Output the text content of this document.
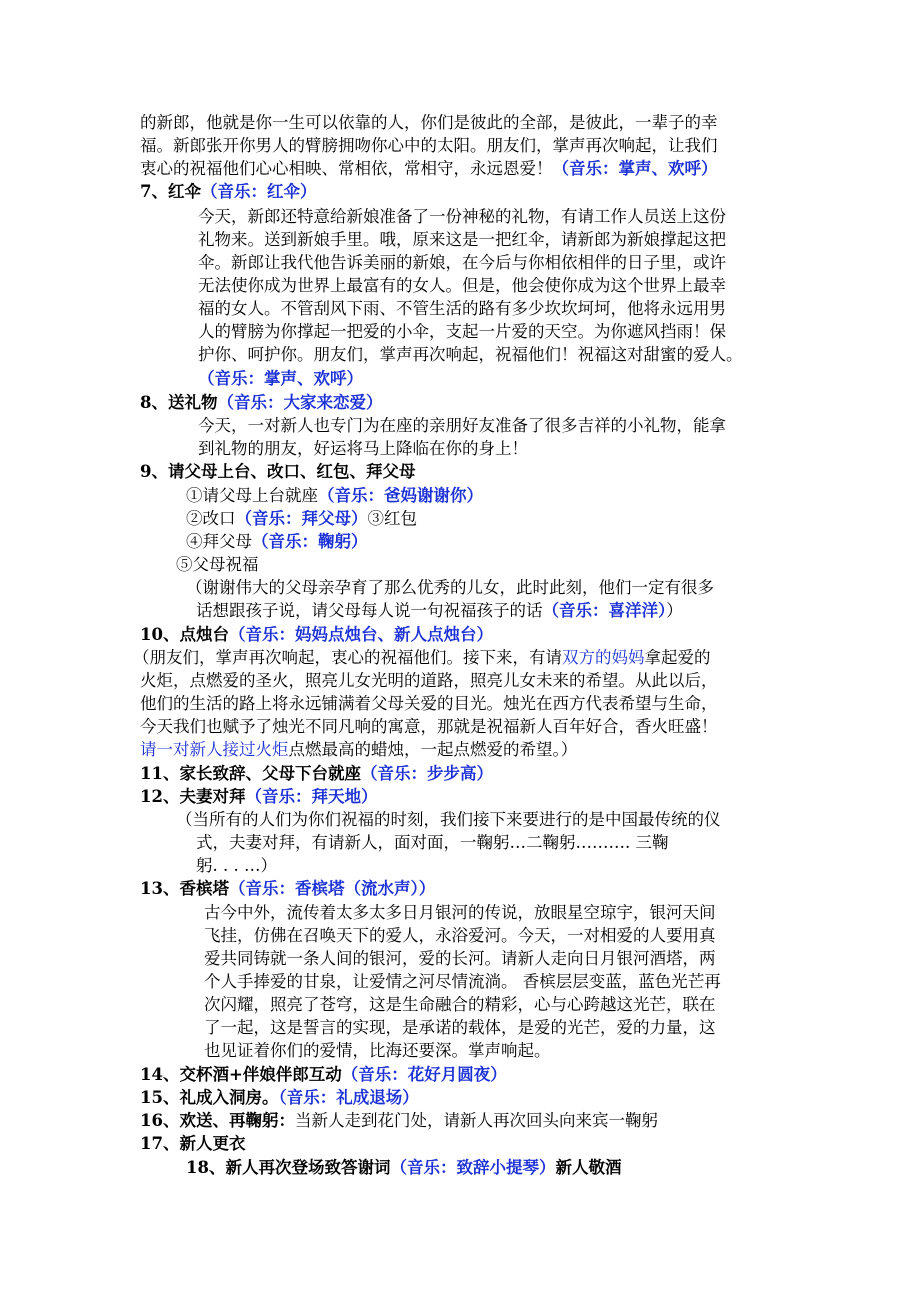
的新郎，他就是你一生可以依靠的人，你们是彼此的全部，是彼此，一辈子的幸
福。新郎张开你男人的臂膀拥吻你心中的太阳。朋友们，掌声再次响起，让我们
衷心的祝福他们心心相映、常相依，常相守，永远恩爱！（音乐：掌声、欢呼）
7、红伞（音乐：红伞）
今天，新郎还特意给新娘准备了一份神秘的礼物，有请工作人员送上这份
礼物来。送到新娘手里。哦，原来这是一把红伞，请新郎为新娘撑起这把
伞。新郎让我代他告诉美丽的新娘，在今后与你相依相伴的日子里，或许
无法使你成为世界上最富有的女人。但是，他会使你成为这个世界上最幸
福的女人。不管刮风下雨、不管生活的路有多少坎坎坷坷，他将永远用男
人的臂膀为你撑起一把爱的小伞，支起一片爱的天空。为你遮风挡雨！保
护你、呵护你。朋友们，掌声再次响起，祝福他们！祝福这对甜蜜的爱人。
（音乐：掌声、欢呼）
8、送礼物（音乐：大家来恋爱）
今天，一对新人也专门为在座的亲朋好友准备了很多吉祥的小礼物，能拿
到礼物的朋友，好运将马上降临在你的身上！
9、请父母上台、改口、红包、拜父母
①请父母上台就座（音乐：爸妈谢谢你）
②改口（音乐：拜父母）③红包
④拜父母（音乐：鞠躬）
⑤父母祝福
（谢谢伟大的父母亲孕育了那么优秀的儿女，此时此刻，他们一定有很多
话想跟孩子说，请父母每人说一句祝福孩子的话（音乐：喜洋洋））
10、点烛台（音乐：妈妈点烛台、新人点烛台）
（朋友们，掌声再次响起，衷心的祝福他们。接下来，有请双方的妈妈拿起爱的
火炬，点燃爱的圣火，照亮儿女光明的道路，照亮儿女未来的希望。从此以后，
他们的生活的路上将永远铺满着父母关爱的目光。烛光在西方代表希望与生命，
今天我们也赋予了烛光不同凡响的寓意，那就是祝福新人百年好合，香火旺盛！
请一对新人接过火炬点燃最高的蜡烛，一起点燃爱的希望。）
11、家长致辞、父母下台就座（音乐：步步高）
12、夫妻对拜（音乐：拜天地）
（当所有的人们为你们祝福的时刻，我们接下来要进行的是中国最传统的仪
式，夫妻对拜，有请新人，面对面，一鞠躬…二鞠躬………. 三鞠
躬. . . …）
13、香槟塔（音乐：香槟塔（流水声））
古今中外，流传着太多太多日月银河的传说，放眼星空琼宇，银河天间
飞挂，仿佛在召唤天下的爱人，永浴爱河。今天，一对相爱的人要用真
爱共同铸就一条人间的银河，爱的长河。请新人走向日月银河酒塔，两
个人手捧爱的甘泉，让爱情之河尽情流淌。 香槟层层变蓝，蓝色光芒再
次闪耀，照亮了苍穹，这是生命融合的精彩，心与心跨越这光芒，联在
了一起，这是誓言的实现，是承诺的载体，是爱的光芒，爱的力量，这
也见证着你们的爱情，比海还要深。掌声响起。
14、交杯酒+伴娘伴郎互动（音乐：花好月圆夜）
15、礼成入洞房。（音乐：礼成退场）
16、欢送、再鞠躬：当新人走到花门处，请新人再次回头向来宾一鞠躬
17、新人更衣
18、新人再次登场致答谢词（音乐：致辞小提琴）新人敬酒
